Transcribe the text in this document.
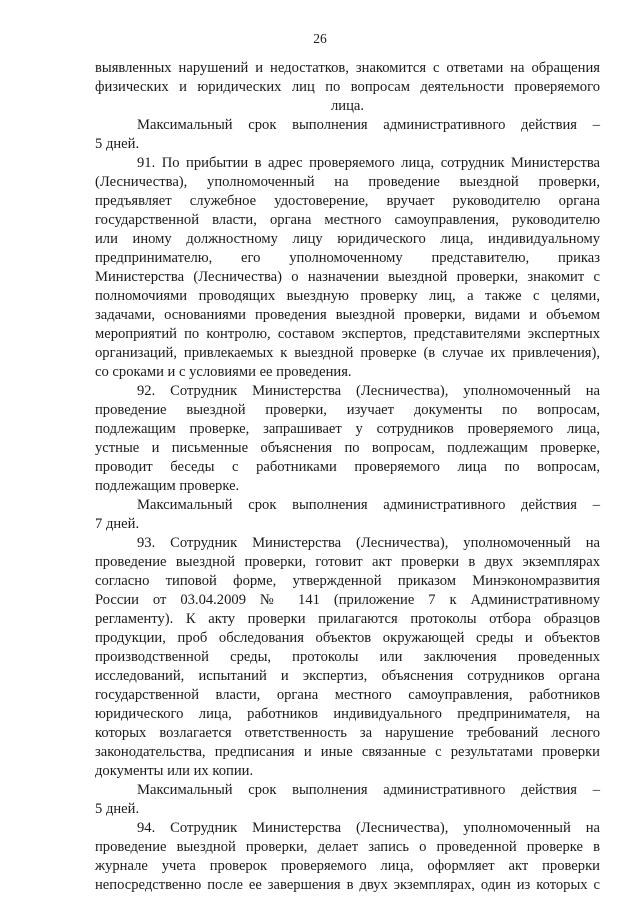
26
выявленных нарушений и недостатков, знакомится с ответами на обращения
физических и юридических лиц по вопросам деятельности проверяемого
лица.
Максимальный срок выполнения административного действия –
5 дней.
91. По прибытии в адрес проверяемого лица, сотрудник Министерства
(Лесничества), уполномоченный на проведение выездной проверки,
предъявляет служебное удостоверение, вручает руководителю органа
государственной власти, органа местного самоуправления, руководителю
или иному должностному лицу юридического лица, индивидуальному
предпринимателю, его уполномоченному представителю, приказ
Министерства (Лесничества) о назначении выездной проверки, знакомит с
полномочиями проводящих выездную проверку лиц, а также с целями,
задачами, основаниями проведения выездной проверки, видами и объемом
мероприятий по контролю, составом экспертов, представителями экспертных
организаций, привлекаемых к выездной проверке (в случае их привлечения),
со сроками и с условиями ее проведения.
92. Сотрудник Министерства (Лесничества), уполномоченный на
проведение выездной проверки, изучает документы по вопросам,
подлежащим проверке, запрашивает у сотрудников проверяемого лица,
устные и письменные объяснения по вопросам, подлежащим проверке,
проводит беседы с работниками проверяемого лица по вопросам,
подлежащим проверке.
Максимальный срок выполнения административного действия –
7 дней.
93. Сотрудник Министерства (Лесничества), уполномоченный на
проведение выездной проверки, готовит акт проверки в двух экземплярах
согласно типовой форме, утвержденной приказом Минэкономразвития
России от 03.04.2009 № 141 (приложение 7 к Административному
регламенту). К акту проверки прилагаются протоколы отбора образцов
продукции, проб обследования объектов окружающей среды и объектов
производственной среды, протоколы или заключения проведенных
исследований, испытаний и экспертиз, объяснения сотрудников органа
государственной власти, органа местного самоуправления, работников
юридического лица, работников индивидуального предпринимателя, на
которых возлагается ответственность за нарушение требований лесного
законодательства, предписания и иные связанные с результатами проверки
документы или их копии.
Максимальный срок выполнения административного действия –
5 дней.
94. Сотрудник Министерства (Лесничества), уполномоченный на
проведение выездной проверки, делает запись о проведенной проверке в
журнале учета проверок проверяемого лица, оформляет акт проверки
непосредственно после ее завершения в двух экземплярах, один из которых с
